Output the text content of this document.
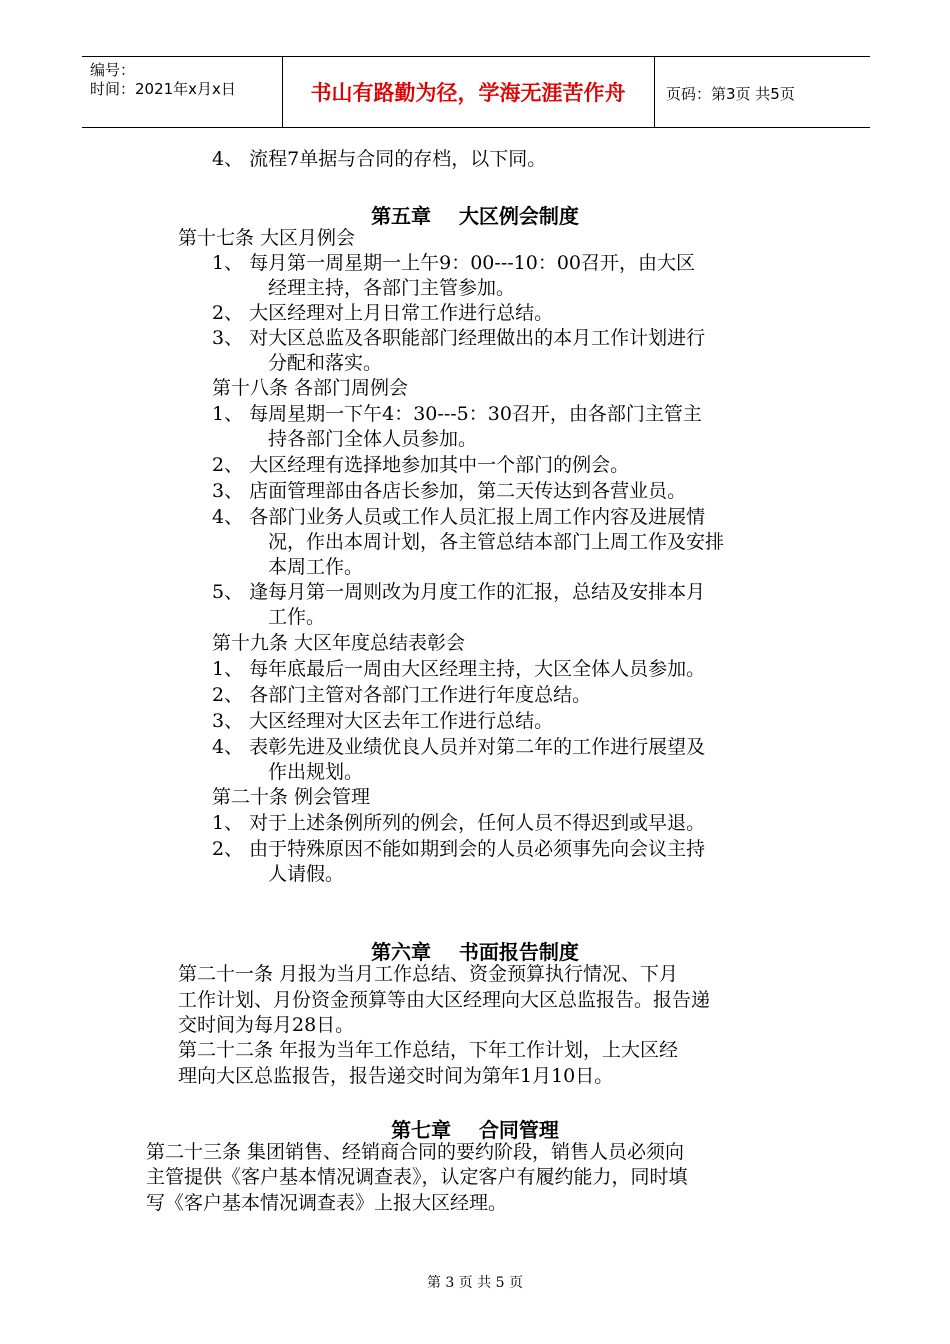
编号：
时间：2021年x月x日	书山有路勤为径，学海无涯苦作舟	页码：第3页 共5页
4、 流程7单据与合同的存档，以下同。
第五章    大区例会制度
第十七条 大区月例会
1、 每月第一周星期一上午9：00---10：00召开，由大区
经理主持，各部门主管参加。
2、 大区经理对上月日常工作进行总结。
3、 对大区总监及各职能部门经理做出的本月工作计划进行
分配和落实。
第十八条 各部门周例会
1、 每周星期一下午4：30---5：30召开，由各部门主管主
持各部门全体人员参加。
2、 大区经理有选择地参加其中一个部门的例会。
3、 店面管理部由各店长参加，第二天传达到各营业员。
4、 各部门业务人员或工作人员汇报上周工作内容及进展情
况，作出本周计划，各主管总结本部门上周工作及安排
本周工作。
5、 逢每月第一周则改为月度工作的汇报，总结及安排本月
工作。
第十九条 大区年度总结表彰会
1、 每年底最后一周由大区经理主持，大区全体人员参加。
2、 各部门主管对各部门工作进行年度总结。
3、 大区经理对大区去年工作进行总结。
4、 表彰先进及业绩优良人员并对第二年的工作进行展望及
作出规划。
第二十条 例会管理
1、 对于上述条例所列的例会，任何人员不得迟到或早退。
2、 由于特殊原因不能如期到会的人员必须事先向会议主持
人请假。
第六章    书面报告制度
第二十一条 月报为当月工作总结、资金预算执行情况、下月
工作计划、月份资金预算等由大区经理向大区总监报告。报告递
交时间为每月28日。
第二十二条 年报为当年工作总结，下年工作计划，上大区经
理向大区总监报告，报告递交时间为第年1月10日。
第七章    合同管理
第二十三条 集团销售、经销商合同的要约阶段，销售人员必须向
主管提供《客户基本情况调查表》，认定客户有履约能力，同时填
写《客户基本情况调查表》上报大区经理。
第 3 页 共 5 页
